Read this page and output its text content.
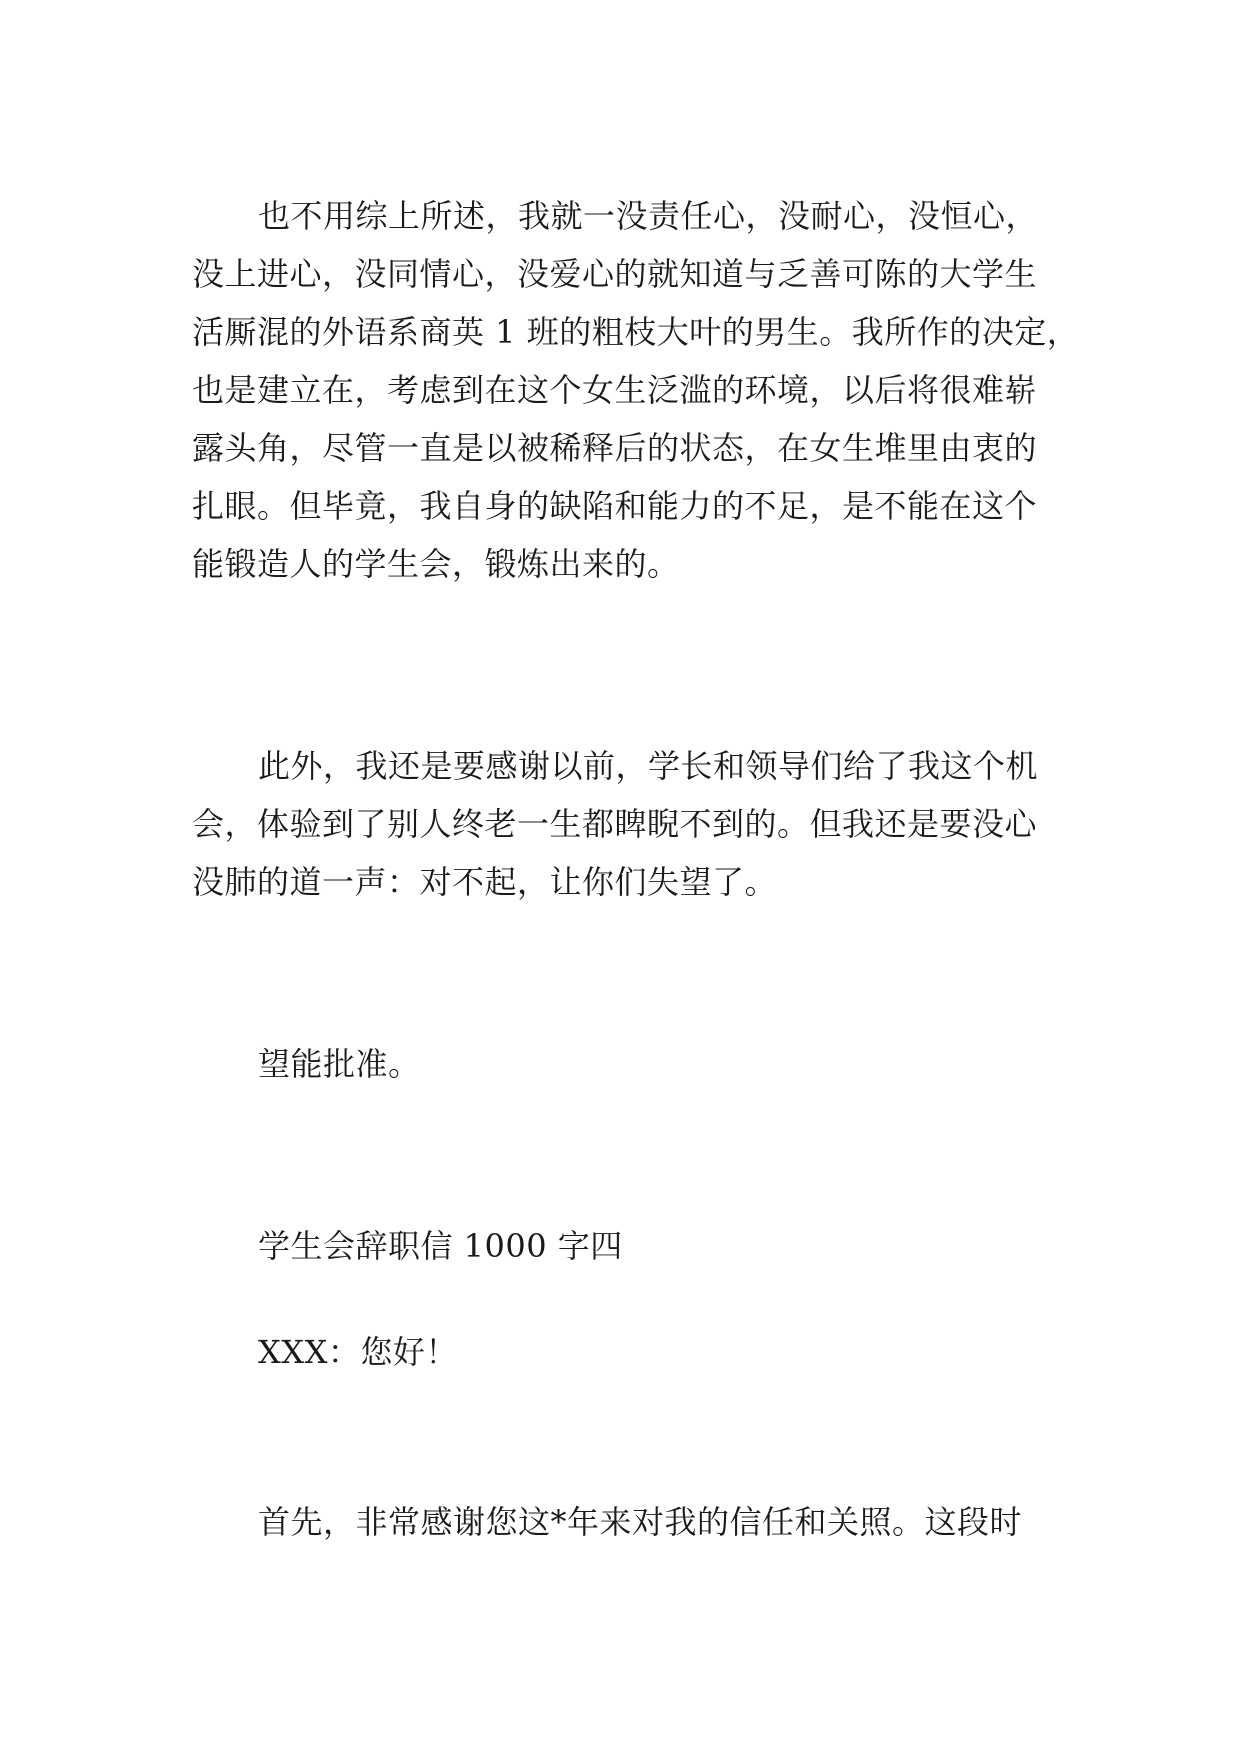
也不用综上所述，我就一没责任心，没耐心，没恒心，

没上进心，没同情心，没爱心的就知道与乏善可陈的大学生

活厮混的外语系商英 1 班的粗枝大叶的男生。我所作的决定，

也是建立在，考虑到在这个女生泛滥的环境，以后将很难崭

露头角，尽管一直是以被稀释后的状态，在女生堆里由衷的

扎眼。但毕竟，我自身的缺陷和能力的不足，是不能在这个

能锻造人的学生会，锻炼出来的。

此外，我还是要感谢以前，学长和领导们给了我这个机

会，体验到了别人终老一生都睥睨不到的。但我还是要没心

没肺的道一声：对不起，让你们失望了。

望能批准。

学生会辞职信 1000 字四

XXX：您好！

首先，非常感谢您这*年来对我的信任和关照。这段时
